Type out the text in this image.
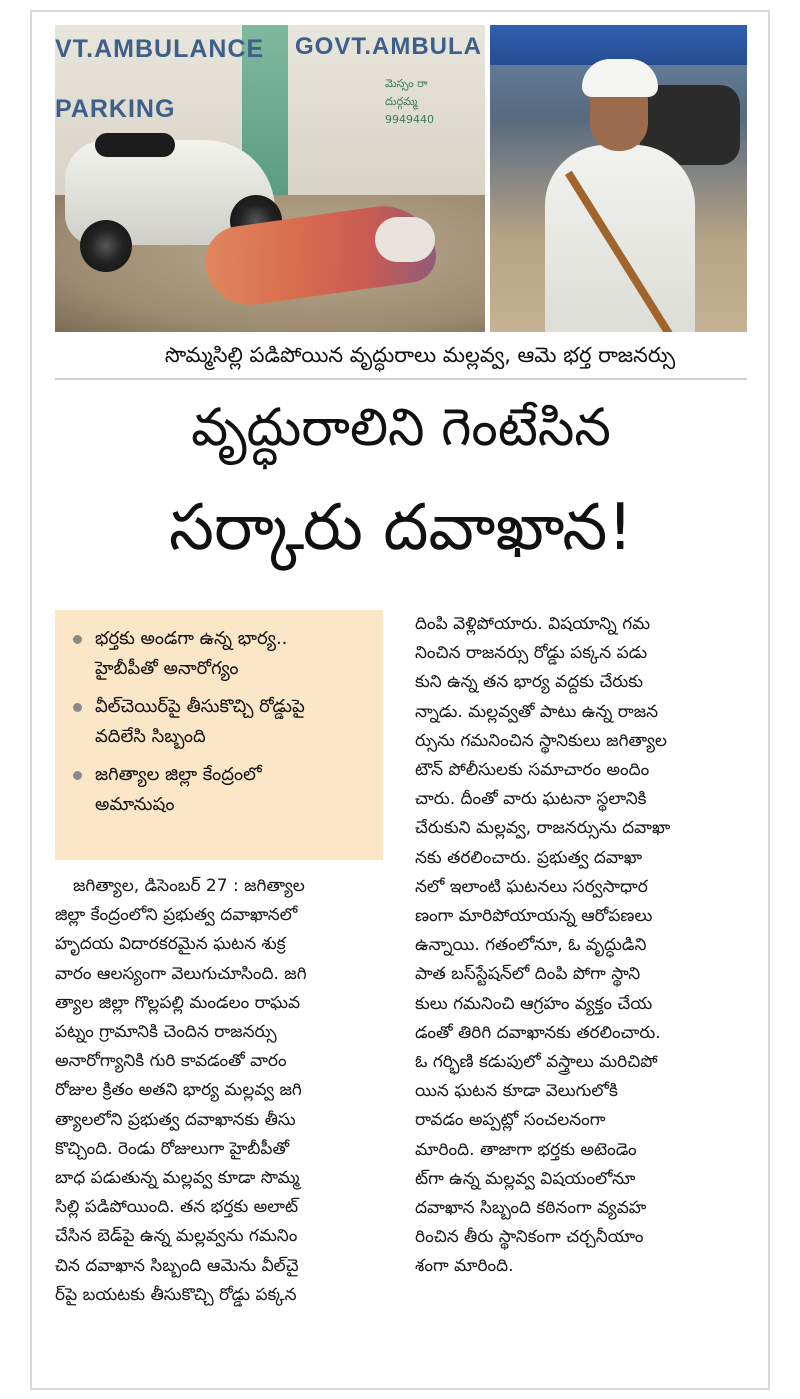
VT.AMBULANCE GOVT.AMBULA
PARKING
మెస్సం రా
దుర్గమ్మ
9949440
సొమ్మసిల్లి పడిపోయిన వృద్ధురాలు మల్లవ్వ, ఆమె భర్త రాజనర్సు
వృద్ధురాలిని గెంటేసిన
సర్కారు దవాఖాన!
భర్తకు అండగా ఉన్న భార్య..
హైబీపీతో అనారోగ్యం
వీల్‌చెయిర్‌పై తీసుకొచ్చి రోడ్డుపై
వదిలేసి సిబ్బంది
జగిత్యాల జిల్లా కేంద్రంలో
అమానుషం

జగిత్యాల, డిసెంబర్ 27 : జగిత్యాల

జిల్లా కేంద్రంలోని ప్రభుత్వ దవాఖానలో

హృదయ విదారకరమైన ఘటన శుక్ర

వారం ఆలస్యంగా వెలుగుచూసింది. జగి

త్యాల జిల్లా గొల్లపల్లి మండలం రాఘవ

పట్నం గ్రామానికి చెందిన రాజనర్సు

అనారోగ్యానికి గురి కావడంతో వారం

రోజుల క్రితం అతని భార్య మల్లవ్వ జగి

త్యాలలోని ప్రభుత్వ దవాఖానకు తీసు

కొచ్చింది. రెండు రోజులుగా హైబీపీతో

బాధ పడుతున్న మల్లవ్వ కూడా సొమ్మ

సిల్లి పడిపోయింది. తన భర్తకు అలాట్

చేసిన బెడ్‌పై ఉన్న మల్లవ్వను గమనిం

చిన దవాఖాన సిబ్బంది ఆమెను వీల్‌చై

ర్‌పై బయటకు తీసుకొచ్చి రోడ్డు పక్కన

దింపి వెళ్లిపోయారు. విషయాన్ని గమ

నించిన రాజనర్సు రోడ్డు పక్కన పడు

కుని ఉన్న తన భార్య వద్దకు చేరుకు

న్నాడు. మల్లవ్వతో పాటు ఉన్న రాజన

ర్సును గమనించిన స్థానికులు జగిత్యాల

టౌన్ పోలీసులకు సమాచారం అందిం

చారు. దీంతో వారు ఘటనా స్థలానికి

చేరుకుని మల్లవ్వ, రాజనర్సును దవాఖా

నకు తరలించారు. ప్రభుత్వ దవాఖా

నలో ఇలాంటి ఘటనలు సర్వసాధార

ణంగా మారిపోయాయన్న ఆరోపణలు

ఉన్నాయి. గతంలోనూ, ఓ వృద్ధుడిని

పాత బస్‌స్టేషన్‌లో దింపి పోగా స్థాని

కులు గమనించి ఆగ్రహం వ్యక్తం చేయ

డంతో తిరిగి దవాఖానకు తరలించారు.

ఓ గర్భిణి కడుపులో వస్త్రాలు మరిచిపో

యిన ఘటన కూడా వెలుగులోకి

రావడం అప్పట్లో సంచలనంగా

మారింది. తాజాగా భర్తకు అటెండెం

ట్‌గా ఉన్న మల్లవ్వ విషయంలోనూ

దవాఖాన సిబ్బంది కఠినంగా వ్యవహ

రించిన తీరు స్థానికంగా చర్చనీయాం

శంగా మారింది.
